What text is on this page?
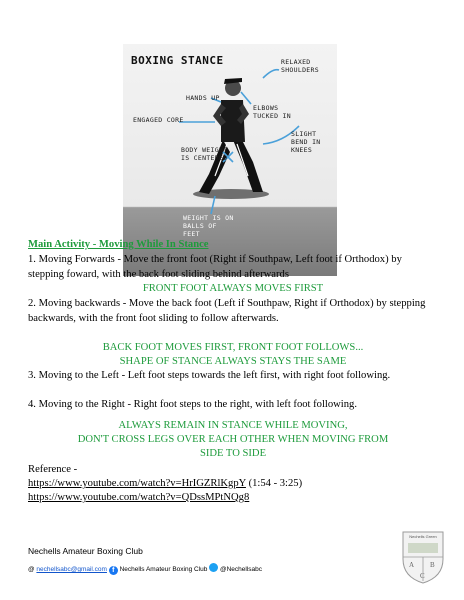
BOXING STANCE	RELAXED SHOULDERS
HANDS UP
ENGAGED CORE
ELBOWS TUCKED IN
SLIGHT BEND IN KNEES
BODY WEIGHT IS CENTERED
WEIGHT IS ON BALLS OF FEET
Main Activity - Moving While In Stance
1. Moving Forwards - Move the front foot (Right if Southpaw, Left foot if Orthodox) by stepping foward, with the back foot sliding behind afterwards
FRONT FOOT ALWAYS MOVES FIRST
2. Moving backwards - Move the back foot (Left if Southpaw, Right if Orthodox) by stepping backwards, with the front foot sliding to follow afterwards.
BACK FOOT MOVES FIRST, FRONT FOOT FOLLOWS...
SHAPE OF STANCE ALWAYS STAYS THE SAME
3. Moving to the Left - Left foot steps towards the left first, with right foot following.
4. Moving to the Right - Right foot steps to the right, with left foot following.
ALWAYS REMAIN IN STANCE WHILE MOVING,
DON'T CROSS LEGS OVER EACH OTHER WHEN MOVING FROM
SIDE TO SIDE
Reference -
https://www.youtube.com/watch?v=HrIGZRlKgpY (1:54 - 3:25)
https://www.youtube.com/watch?v=QDssMPtNQg8
Nechells Amateur Boxing Club
@ nechellsabc@gmail.com f Nechells Amateur Boxing Club  @Nechellsabc
Nechells Green
A B
C
